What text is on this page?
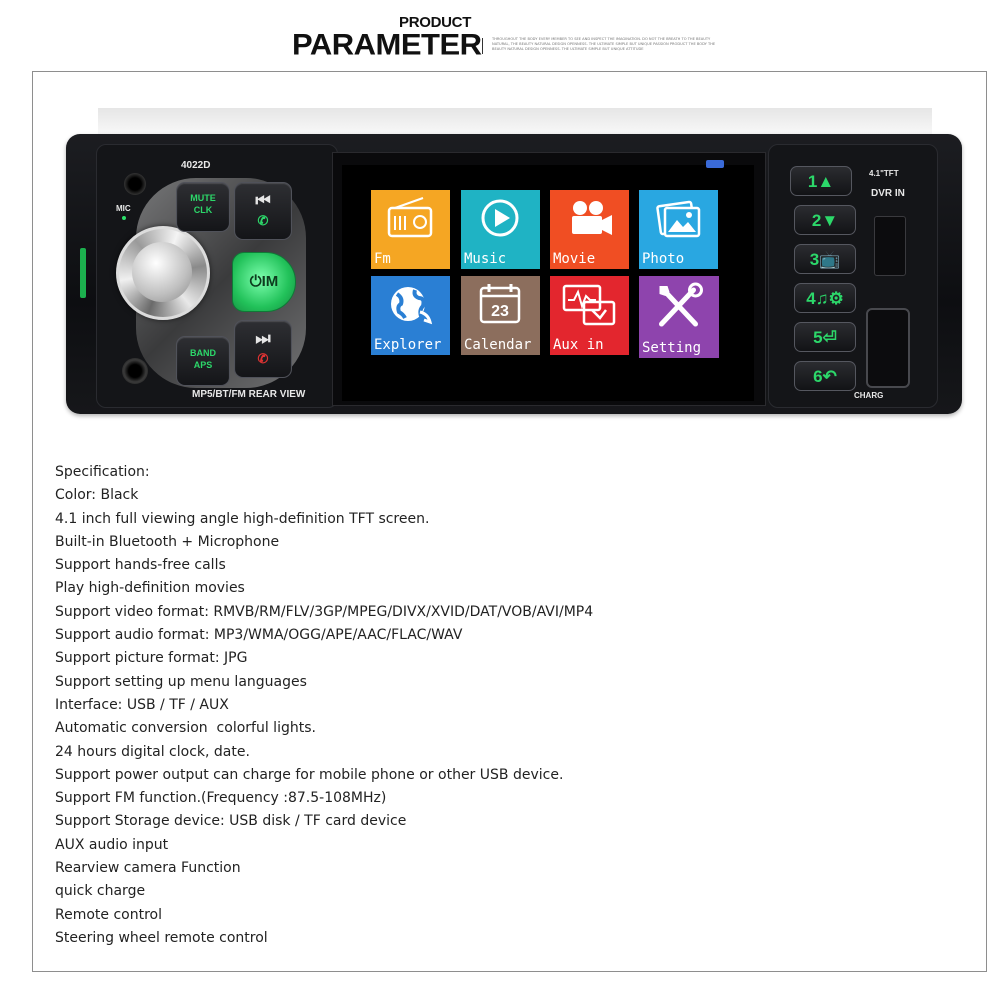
PRODUCT
PARAMETER	THROUGHOUT THE BODY EVERY MEMBER TO SEE AND INSPECT THE IMAGINATION. DO NOT THE BREATH TO THE BEAUTY NATURAL, THE BEAUTY NATURAL DESIGN OPENNESS. THE ULTIMATE SIMPLE BUT UNIQUE PASSION PRODUCT THE BODY THE BEAUTY NATURAL DESIGN OPENNESS. THE ULTIMATE SIMPLE BUT UNIQUE ATTITUDE
4022D
MIC
MUTE
CLK
BAND
APS
⏮
✆
⏻IM
⏭
✆
MP5/BT/FM REAR VIEW
Fm	Music	Movie	Photo
Explorer
23
Calendar Aux in	Setting
4.1"TFT
DVR IN
CHARG
1▲
2▼
3📺
4♫⚙
5⏎
6↶
Specification:
Color: Black
4.1 inch full viewing angle high-definition TFT screen.
Built-in Bluetooth + Microphone
Support hands-free calls
Play high-definition movies
Support video format: RMVB/RM/FLV/3GP/MPEG/DIVX/XVID/DAT/VOB/AVI/MP4
Support audio format: MP3/WMA/OGG/APE/AAC/FLAC/WAV
Support picture format: JPG
Support setting up menu languages
Interface: USB / TF / AUX
Automatic conversion  colorful lights.
24 hours digital clock, date.
Support power output can charge for mobile phone or other USB device.
Support FM function.(Frequency :87.5-108MHz)
Support Storage device: USB disk / TF card device
AUX audio input
Rearview camera Function
quick charge
Remote control
Steering wheel remote control
